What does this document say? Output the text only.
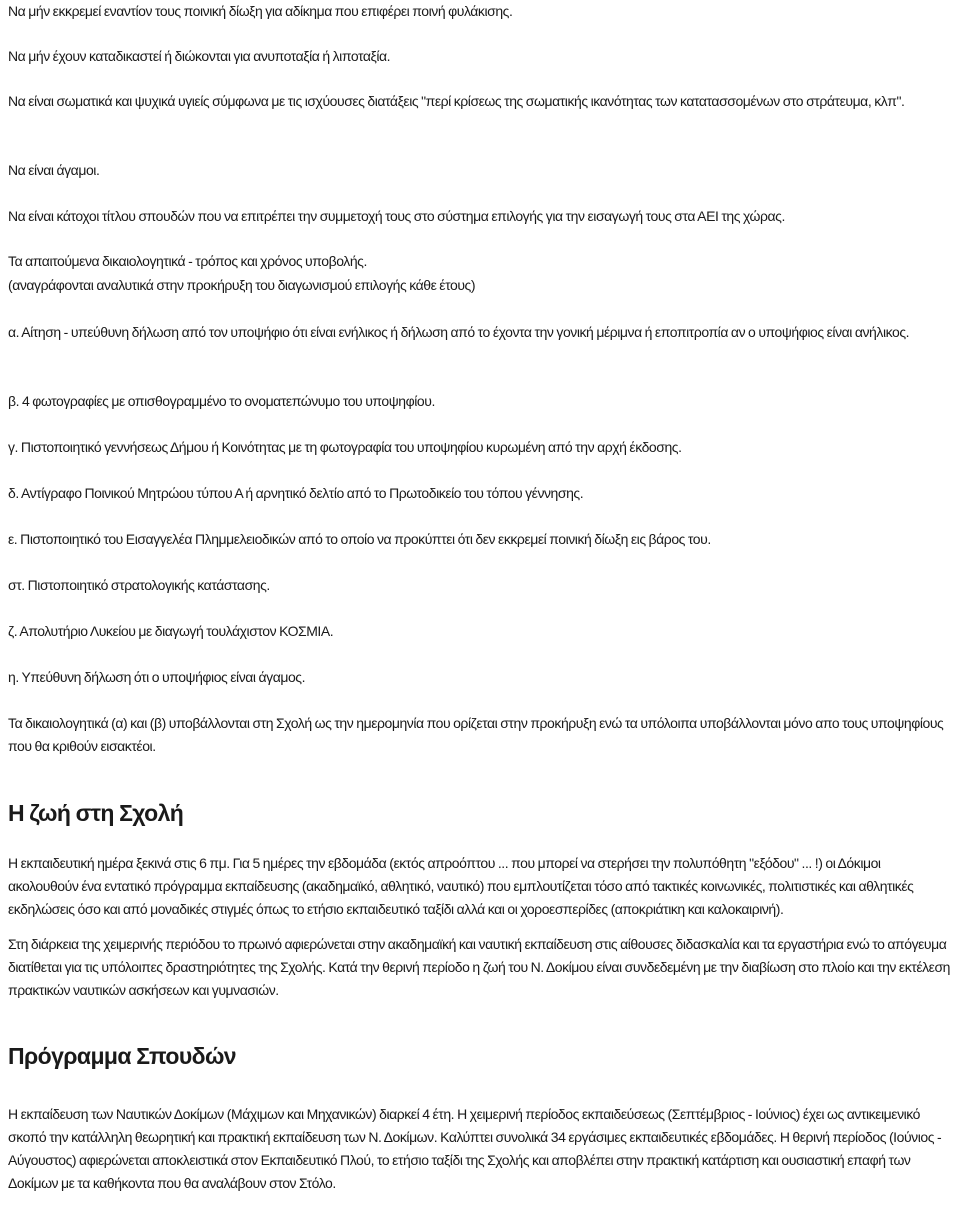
Να μήν εκκρεμεί εναντίον τους ποινική δίωξη για αδίκημα που επιφέρει ποινή φυλάκισης.

Να μήν έχουν καταδικαστεί ή διώκονται για ανυποταξία ή λιποταξία.

Να είναι σωματικά και ψυχικά υγιείς σύμφωνα με τις ισχύουσες διατάξεις "περί κρίσεως της σωματικής ικανότητας των κατατασσομένων στο στράτευμα, κλπ".

Να είναι άγαμοι.

Να είναι κάτοχοι τίτλου σπουδών που να επιτρέπει την συμμετοχή τους στο σύστημα επιλογής για την εισαγωγή τους στα ΑΕΙ της χώρας.

Τα απαιτούμενα δικαιολογητικά - τρόπος και χρόνος υποβολής.

(αναγράφονται αναλυτικά στην προκήρυξη του διαγωνισμού επιλογής κάθε έτους)

α. Αίτηση - υπεύθυνη δήλωση από τον υποψήφιο ότι είναι ενήλικος ή δήλωση από το έχοντα την γονική μέριμνα ή εποπιτροπία αν ο υποψήφιος είναι ανήλικος.

β. 4 φωτογραφίες με οπισθογραμμένο το ονοματεπώνυμο του υποψηφίου.

γ. Πιστοποιητικό γεννήσεως Δήμου ή Κοινότητας με τη φωτογραφία του υποψηφίου κυρωμένη από την αρχή έκδοσης.

δ. Αντίγραφο Ποινικού Μητρώου τύπου Α ή αρνητικό δελτίο από το Πρωτοδικείο του τόπου γέννησης.

ε. Πιστοποιητικό του Εισαγγελέα Πλημμελειοδικών από το οποίο να προκύπτει ότι δεν εκκρεμεί ποινική δίωξη εις βάρος του.

στ. Πιστοποιητικό στρατολογικής κατάστασης.

ζ. Απολυτήριο Λυκείου με διαγωγή τουλάχιστον ΚΟΣΜΙΑ.

η. Υπεύθυνη δήλωση ότι ο υποψήφιος είναι άγαμος.

Τα δικαιολογητικά (α) και (β) υποβάλλονται στη Σχολή ως την ημερομηνία που ορίζεται στην προκήρυξη ενώ τα υπόλοιπα υποβάλλονται μόνο απο τους υποψηφίους που θα κριθούν εισακτέοι.

Η ζωή στη Σχολή

Η εκπαιδευτική ημέρα ξεκινά στις 6 πμ. Για 5 ημέρες την εβδομάδα (εκτός απροόπτου ... που μπορεί να στερήσει την πολυπόθητη "εξόδου" ... !) οι Δόκιμοι ακολουθούν ένα εντατικό πρόγραμμα εκπαίδευσης (ακαδημαϊκό, αθλητικό, ναυτικό) που εμπλουτίζεται τόσο από τακτικές κοινωνικές, πολιτιστικές και αθλητικές εκδηλώσεις όσο και από μοναδικές στιγμές όπως το ετήσιο εκπαιδευτικό ταξίδι αλλά και οι χοροεσπερίδες (αποκριάτικη και καλοκαιρινή).

Στη διάρκεια της χειμερινής περιόδου το πρωινό αφιερώνεται στην ακαδημαϊκή και ναυτική εκπαίδευση στις αίθουσες διδασκαλία και τα εργαστήρια ενώ το απόγευμα διατίθεται για τις υπόλοιπες δραστηριότητες της Σχολής. Κατά την θερινή περίοδο η ζωή του Ν. Δοκίμου είναι συνδεδεμένη με την διαβίωση στο πλοίο και την εκτέλεση πρακτικών ναυτικών ασκήσεων και γυμνασιών.

Πρόγραμμα Σπουδών

Η εκπαίδευση των Ναυτικών Δοκίμων (Μάχιμων και Μηχανικών) διαρκεί 4 έτη. Η χειμερινή περίοδος εκπαιδεύσεως (Σεπτέμβριος - Ιούνιος) έχει ως αντικειμενικό σκοπό την κατάλληλη θεωρητική και πρακτική εκπαίδευση των Ν. Δοκίμων. Καλύπτει συνολικά 34 εργάσιμες εκπαιδευτικές εβδομάδες. Η θερινή περίοδος (Ιούνιος - Αύγουστος) αφιερώνεται αποκλειστικά στον Εκπαιδευτικό Πλού, το ετήσιο ταξίδι της Σχολής και αποβλέπει στην πρακτική κατάρτιση και ουσιαστική επαφή των Δοκίμων με τα καθήκοντα που θα αναλάβουν στον Στόλο.
